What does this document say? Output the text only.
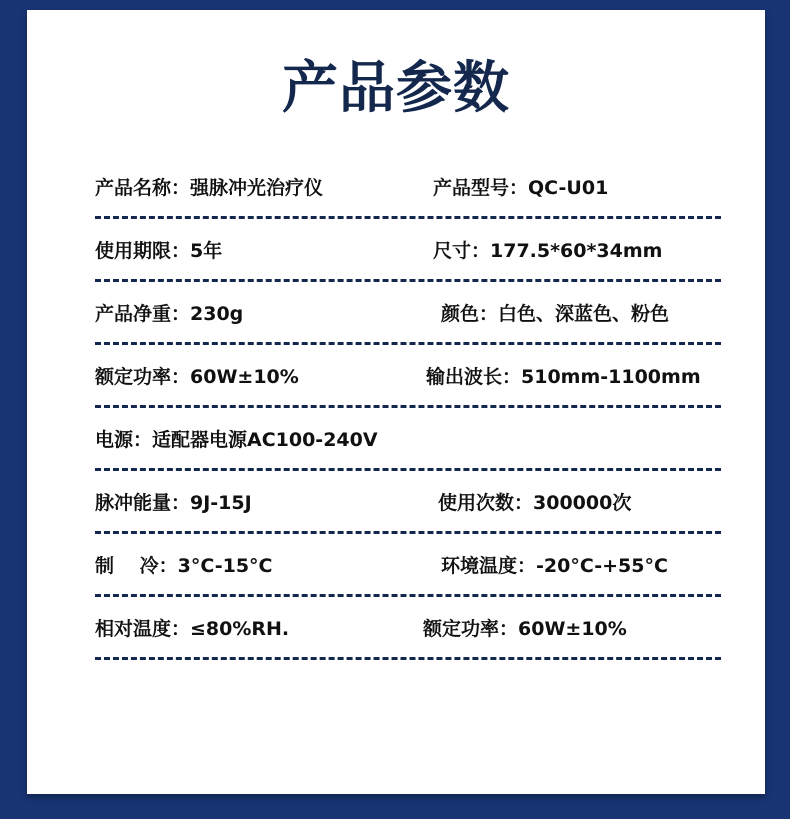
产品参数
产品名称：强脉冲光治疗仪	产品型号：QC-U01
使用期限：5年	尺寸：177.5*60*34mm
产品净重：230g	颜色：白色、深蓝色、粉色
额定功率：60W±10%	输出波长：510mm-1100mm
电源：适配器电源AC100-240V
脉冲能量：9J-15J	使用次数：300000次
制　 冷：3°C-15°C	环境温度：-20°C-+55°C
相对温度：≤80%RH.	额定功率：60W±10%
